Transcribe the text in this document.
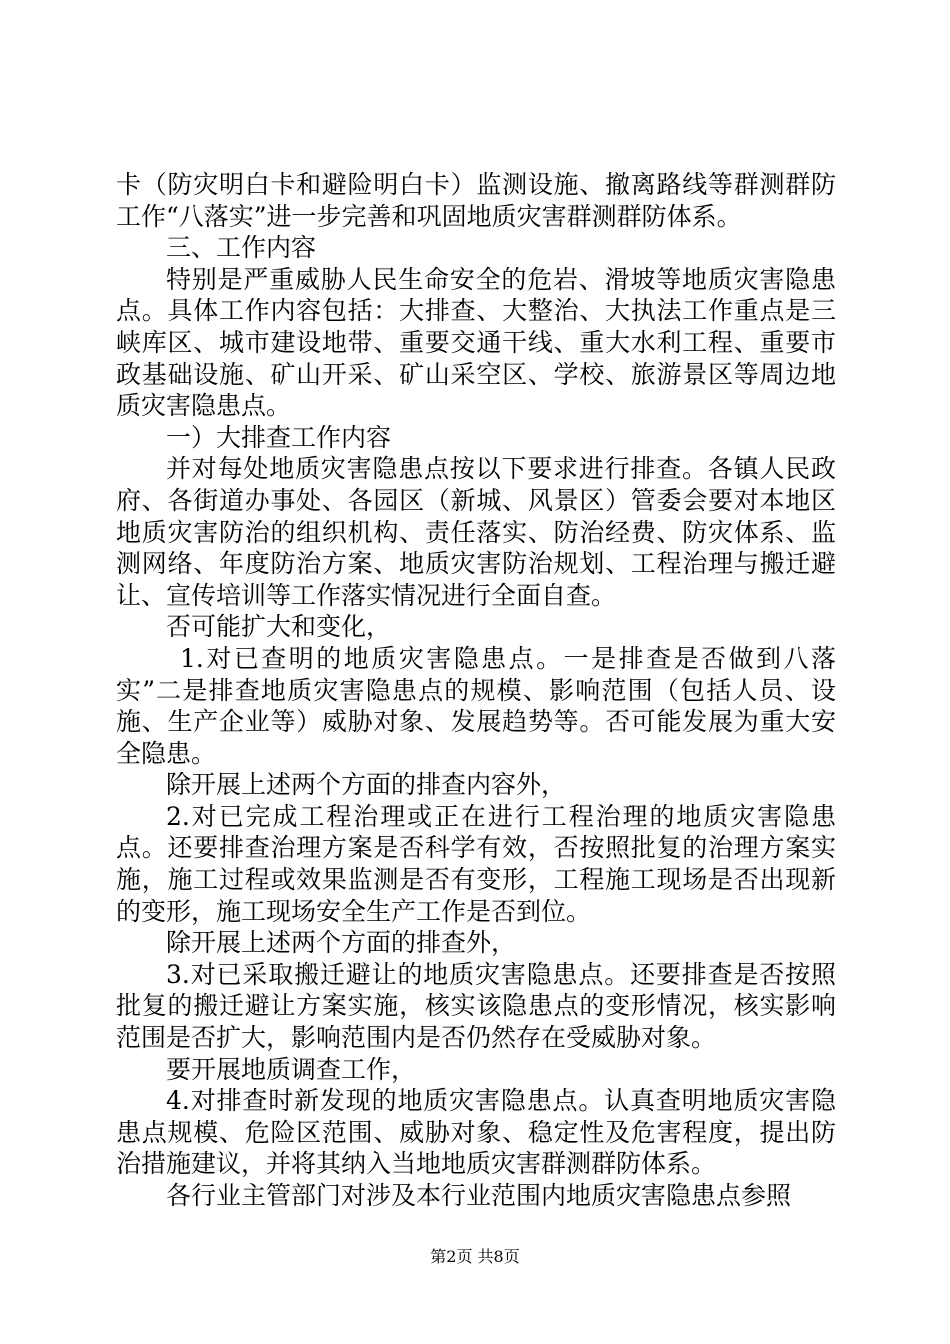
卡（防灾明白卡和避险明白卡）监测设施、撤离路线等群测群防工作“八落实”进一步完善和巩固地质灾害群测群防体系。

三、工作内容

特别是严重威胁人民生命安全的危岩、滑坡等地质灾害隐患点。具体工作内容包括：大排查、大整治、大执法工作重点是三峡库区、城市建设地带、重要交通干线、重大水利工程、重要市政基础设施、矿山开采、矿山采空区、学校、旅游景区等周边地质灾害隐患点。

一）大排查工作内容

并对每处地质灾害隐患点按以下要求进行排查。各镇人民政府、各街道办事处、各园区（新城、风景区）管委会要对本地区地质灾害防治的组织机构、责任落实、防治经费、防灾体系、监测网络、年度防治方案、地质灾害防治规划、工程治理与搬迁避让、宣传培训等工作落实情况进行全面自查。

否可能扩大和变化，

1.对已查明的地质灾害隐患点。一是排查是否做到八落实”二是排查地质灾害隐患点的规模、影响范围（包括人员、设施、生产企业等）威胁对象、发展趋势等。否可能发展为重大安全隐患。

除开展上述两个方面的排查内容外，

2.对已完成工程治理或正在进行工程治理的地质灾害隐患点。还要排查治理方案是否科学有效，否按照批复的治理方案实施，施工过程或效果监测是否有变形，工程施工现场是否出现新的变形，施工现场安全生产工作是否到位。

除开展上述两个方面的排查外，

3.对已采取搬迁避让的地质灾害隐患点。还要排查是否按照批复的搬迁避让方案实施，核实该隐患点的变形情况，核实影响范围是否扩大，影响范围内是否仍然存在受威胁对象。

要开展地质调查工作，

4.对排查时新发现的地质灾害隐患点。认真查明地质灾害隐患点规模、危险区范围、威胁对象、稳定性及危害程度，提出防治措施建议，并将其纳入当地地质灾害群测群防体系。

各行业主管部门对涉及本行业范围内地质灾害隐患点参照

第2页 共8页
